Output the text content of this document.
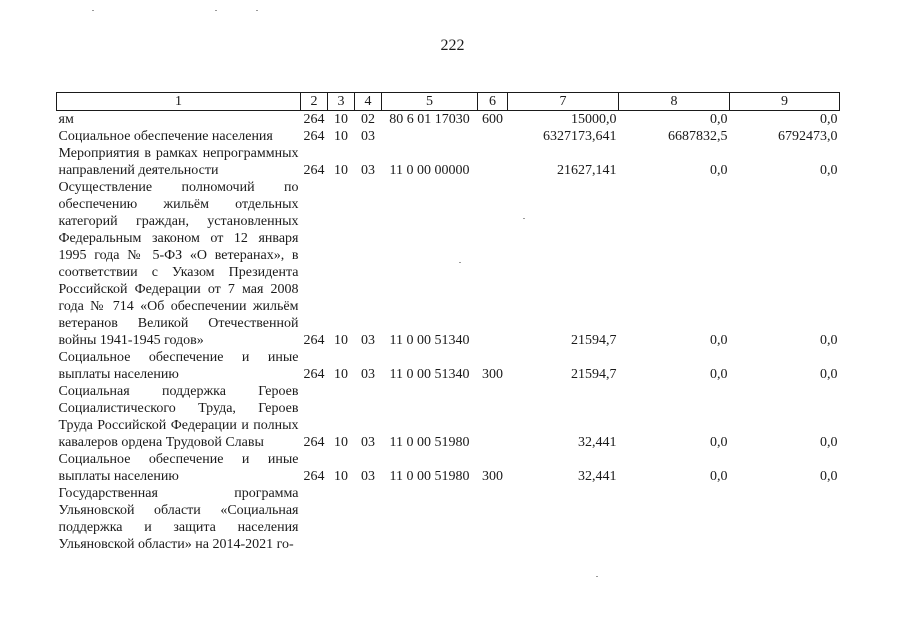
222
1	2	3	4	5	6	7	8	9
ям	264	10	02	80 6 01 17030	600	15000,0	0,0	0,0
Социальное обеспечение населения	264	10	03			6327173,641	6687832,5	6792473,0
Мероприятия в рамках непрограммных направлений деятельности	264	10	03	11 0 00 00000		21627,141	0,0	0,0
Осуществление полномочий по обеспечению жильём отдельных категорий граждан, установленных Федеральным законом от 12 января 1995 года № 5-ФЗ «О ветеранах», в соответствии с Указом Президента Российской Федерации от 7 мая 2008 года № 714 «Об обеспечении жильём ветеранов Великой Отечественной войны 1941-1945 годов»	264	10	03	11 0 00 51340		21594,7	0,0	0,0
Социальное обеспечение и иные выплаты населению	264	10	03	11 0 00 51340	300	21594,7	0,0	0,0
Социальная поддержка Героев Социалистического Труда, Героев Труда Российской Федерации и полных кавалеров ордена Трудовой Славы	264	10	03	11 0 00 51980		32,441	0,0	0,0
Социальное обеспечение и иные выплаты населению	264	10	03	11 0 00 51980	300	32,441	0,0	0,0
Государственная программа Ульяновской области «Социальная поддержка и защита населения Ульяновской области» на 2014-2021 го-								
